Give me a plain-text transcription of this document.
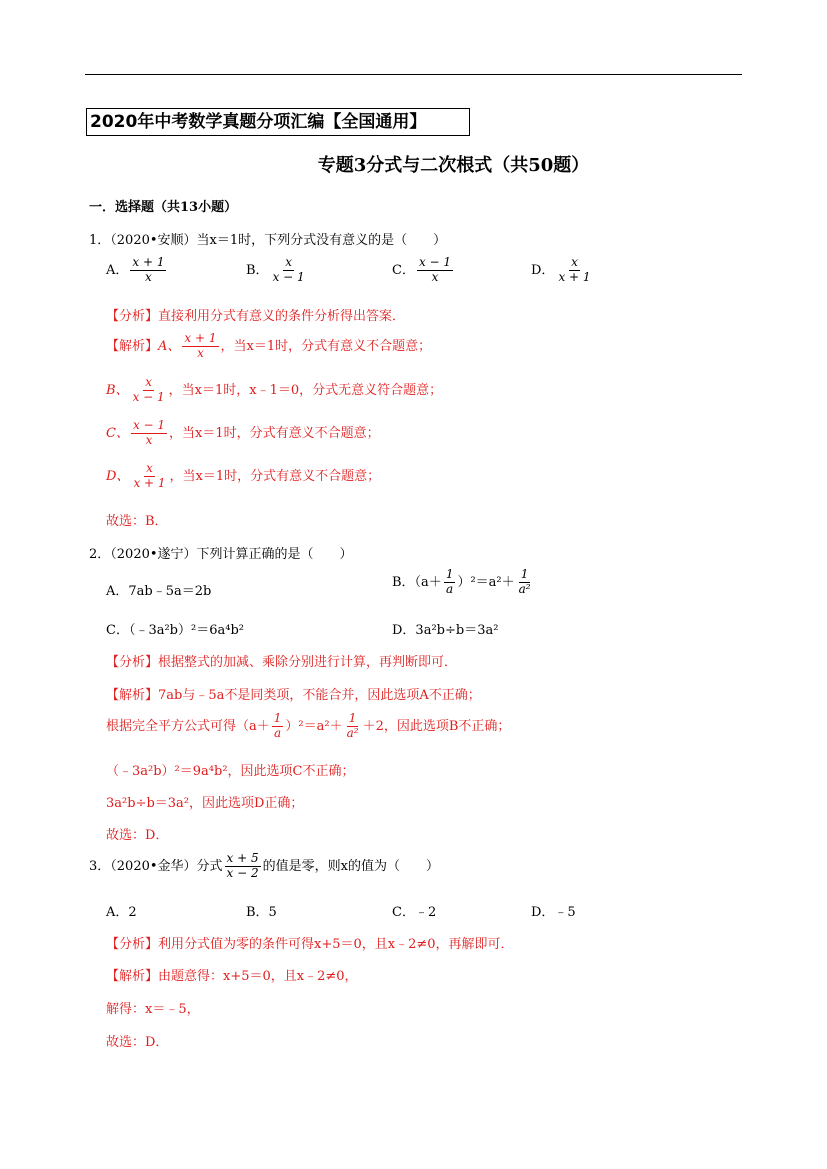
2020年中考数学真题分项汇编【全国通用】
专题3分式与二次根式（共50题）
一．选择题（共13小题）
1．（2020•安顺）当x＝1时，下列分式没有意义的是（　　）
A． $\frac{x + 1}{x}$	B． $\frac{x}{x - 1}$	C． $\frac{x - 1}{x}$	D． $\frac{x}{x + 1}$
【分析】直接利用分式有意义的条件分析得出答案．
【解析】A、 $\frac{x + 1}{x}$ ，当x＝1时，分式有意义不合题意；
B、 $\frac{x}{x - 1}$ ，当x＝1时，x﹣1＝0，分式无意义符合题意；
C、 $\frac{x - 1}{x}$ ，当x＝1时，分式有意义不合题意；
D、 $\frac{x}{x + 1}$ ，当x＝1时，分式有意义不合题意；
故选：B．
2．（2020•遂宁）下列计算正确的是（　　）
A．7ab﹣5a＝2b
B．$(a+ \frac{1}{a} )^2=a^2+ \frac{1}{\text{a²}}$
C．（﹣3a²b）²＝6a⁴b²	D．3a²b÷b＝3a²
【分析】根据整式的加减、乘除分别进行计算，再判断即可．
【解析】7ab与﹣5a不是同类项，不能合并，因此选项A不正确；
根据完全平方公式可得$(a+ \frac{1}{a} )^2=a^2+ \frac{1}{\text{a²}} +2$，因此选项B不正确；
（﹣3a²b）²＝9a⁴b²，因此选项C不正确；
3a²b÷b＝3a²，因此选项D正确；
故选：D．
3．（2020•金华）分式 $\frac{x + 5}{x - 2}$ 的值是零，则x的值为（　　）
A．2	B．5	C．﹣2	D．﹣5
【分析】利用分式值为零的条件可得x+5＝0，且x﹣2≠0，再解即可．
【解析】由题意得：x+5＝0，且x﹣2≠0，
解得：x＝﹣5，
故选：D．
